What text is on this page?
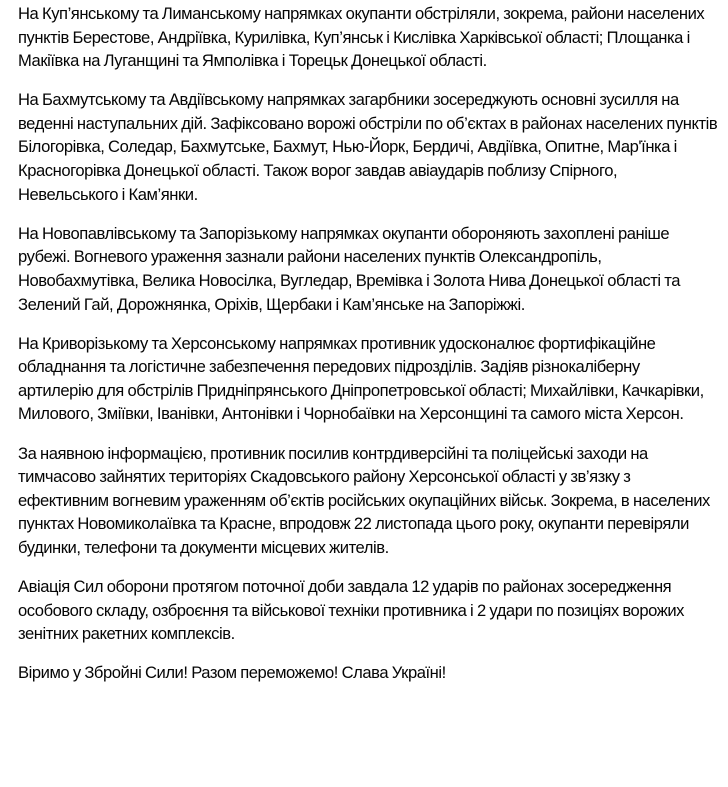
На Куп’янському та Лиманському напрямках окупанти обстріляли, зокрема, райони населених пунктів Берестове, Андріївка, Курилівка, Куп’янськ і Кислівка Харківської області; Площанка і Макіївка на Луганщині та Ямполівка і Торецьк Донецької області.

На Бахмутському та Авдіївському напрямках загарбники зосереджують основні зусилля на веденні наступальних дій. Зафіксовано ворожі обстріли по об’єктах в районах населених пунктів Білогорівка, Соледар, Бахмутське, Бахмут, Нью-Йорк, Бердичі, Авдіївка, Опитне, Мар'їнка і Красногорівка Донецької області. Також ворог завдав авіаударів поблизу Спірного, Невельського і Кам’янки.

На Новопавлівському та Запорізькому напрямках окупанти обороняють захоплені раніше рубежі. Вогневого ураження зазнали райони населених пунктів Олександропіль, Новобахмутівка, Велика Новосілка, Вугледар, Времівка і Золота Нива Донецької області та Зелений Гай, Дорожнянка, Оріхів, Щербаки і Кам’янське на Запоріжжі.

На Криворізькому та Херсонському напрямках противник удосконалює фортифікаційне обладнання та логістичне забезпечення передових підрозділів. Задіяв різнокаліберну артилерію для обстрілів Придніпрянського Дніпропетровської області; Михайлівки, Качкарівки, Милового, Зміївки, Іванівки, Антонівки і Чорнобаївки на Херсонщині та самого міста Херсон.

За наявною інформацією, противник посилив контрдиверсійні та поліцейські заходи на тимчасово зайнятих територіях Скадовського району Херсонської області у зв’язку з ефективним вогневим ураженням об’єктів російських окупаційних військ. Зокрема, в населених пунктах Новомиколаївка та Красне, впродовж 22 листопада цього року, окупанти перевіряли будинки, телефони та документи місцевих жителів.

Авіація Сил оборони протягом поточної доби завдала 12 ударів по районах зосередження особового складу, озброєння та військової техніки противника і 2 удари по позиціях ворожих зенітних ракетних комплексів.

Віримо у Збройні Сили! Разом переможемо! Слава Україні!
